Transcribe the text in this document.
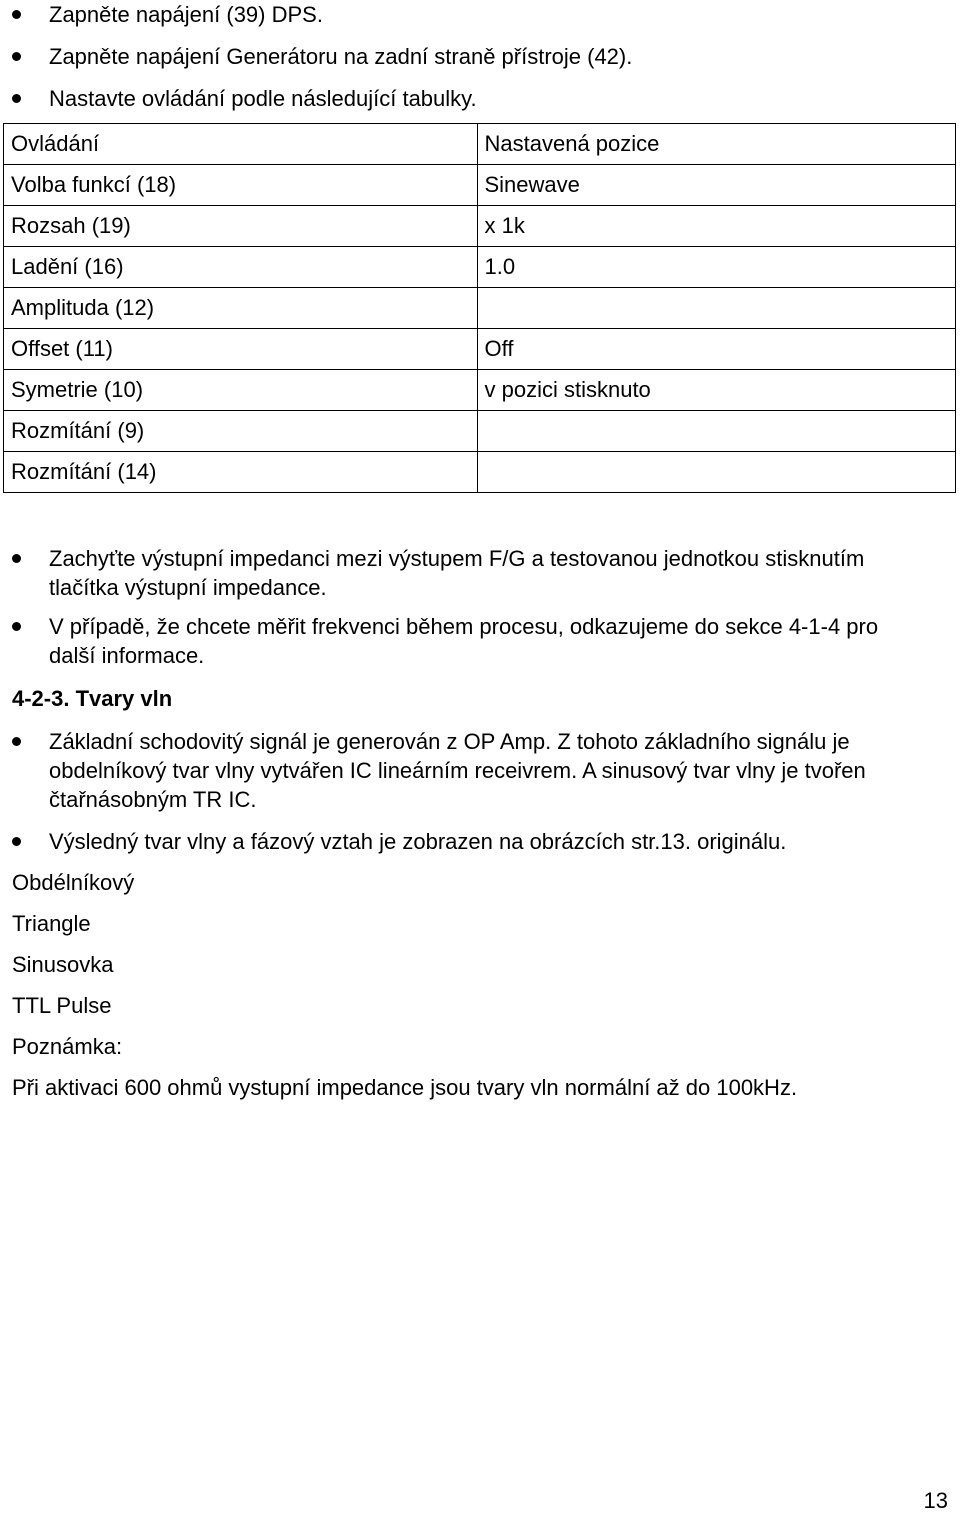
Zapněte napájení (39) DPS.
Zapněte napájení Generátoru na zadní straně přístroje (42).
Nastavte ovládání podle následující tabulky.
Ovládání	Nastavená pozice
Volba funkcí (18)	Sinewave
Rozsah (19)	x 1k
Ladění (16)	1.0
Amplituda (12)	
Offset (11)	Off
Symetrie (10)	v pozici stisknuto
Rozmítání (9)	
Rozmítání (14)	
Zachyťte výstupní impedanci mezi výstupem F/G a testovanou jednotkou stisknutím tlačítka výstupní impedance.
V případě, že chcete měřit frekvenci během procesu, odkazujeme do sekce 4-1-4 pro další informace.
4-2-3. Tvary vln
Základní schodovitý signál je generován z OP Amp. Z tohoto základního signálu je obdelníkový tvar vlny vytvářen IC lineárním receivrem. A sinusový tvar vlny je tvořen čtařnásobným TR IC.
Výsledný tvar vlny a fázový vztah je zobrazen na obrázcích str.13. originálu.
Obdélníkový
Triangle
Sinusovka
TTL Pulse
Poznámka:
Při aktivaci 600 ohmů vystupní impedance jsou tvary vln normální až do 100kHz.
13
